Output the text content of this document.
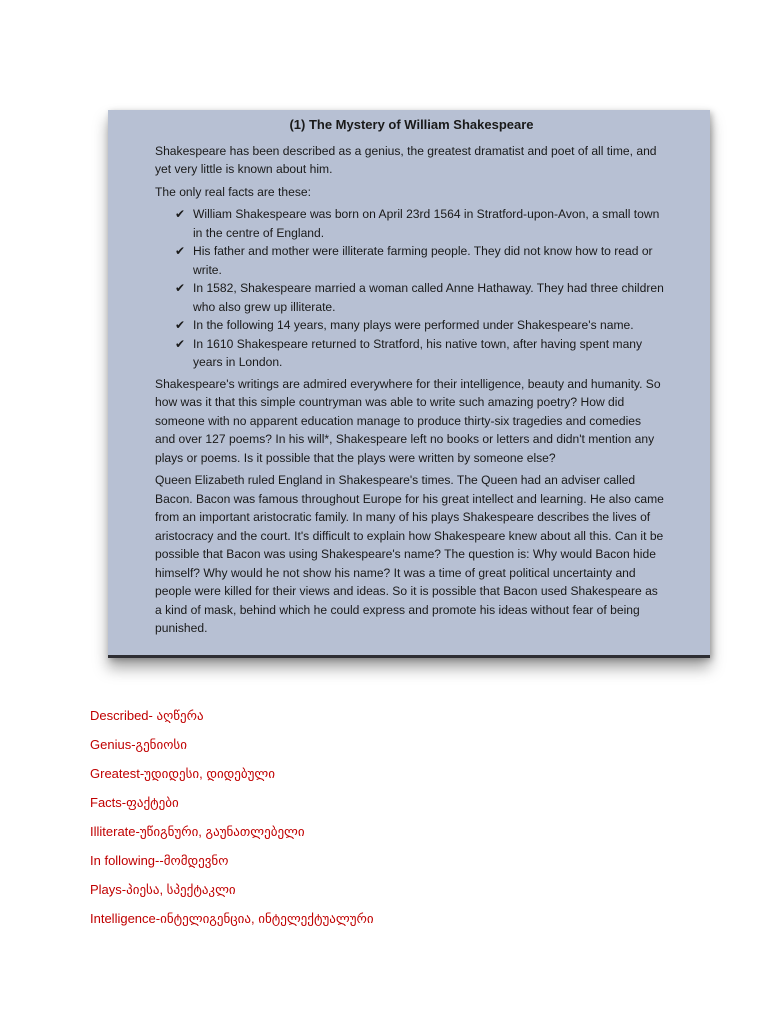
(1) The Mystery of William Shakespeare

Shakespeare has been described as a genius, the greatest dramatist and poet of all time, and yet very little is known about him.

The only real facts are these:

✔ William Shakespeare was born on April 23rd 1564 in Stratford-upon-Avon, a small town in the centre of England.
✔ His father and mother were illiterate farming people. They did not know how to read or write.
✔ In 1582, Shakespeare married a woman called Anne Hathaway. They had three children who also grew up illiterate.
✔ In the following 14 years, many plays were performed under Shakespeare's name.
✔ In 1610 Shakespeare returned to Stratford, his native town, after having spent many years in London.

Shakespeare's writings are admired everywhere for their intelligence, beauty and humanity. So how was it that this simple countryman was able to write such amazing poetry? How did someone with no apparent education manage to produce thirty-six tragedies and comedies and over 127 poems? In his will*, Shakespeare left no books or letters and didn't mention any plays or poems. Is it possible that the plays were written by someone else?

Queen Elizabeth ruled England in Shakespeare's times. The Queen had an adviser called Bacon. Bacon was famous throughout Europe for his great intellect and learning. He also came from an important aristocratic family. In many of his plays Shakespeare describes the lives of aristocracy and the court. It's difficult to explain how Shakespeare knew about all this. Can it be possible that Bacon was using Shakespeare's name? The question is: Why would Bacon hide himself? Why would he not show his name? It was a time of great political uncertainty and people were killed for their views and ideas. So it is possible that Bacon used Shakespeare as a kind of mask, behind which he could express and promote his ideas without fear of being punished.

Described- აღწერა
Genius-გენიოსი
Greatest-უდიდესი, დიდებული
Facts-ფაქტები
Illiterate-უწიგნური, გაუნათლებელი
In following--მომდევნო
Plays-პიესა, სპექტაკლი
Intelligence-ინტელიგენცია, ინტელექტუალური
